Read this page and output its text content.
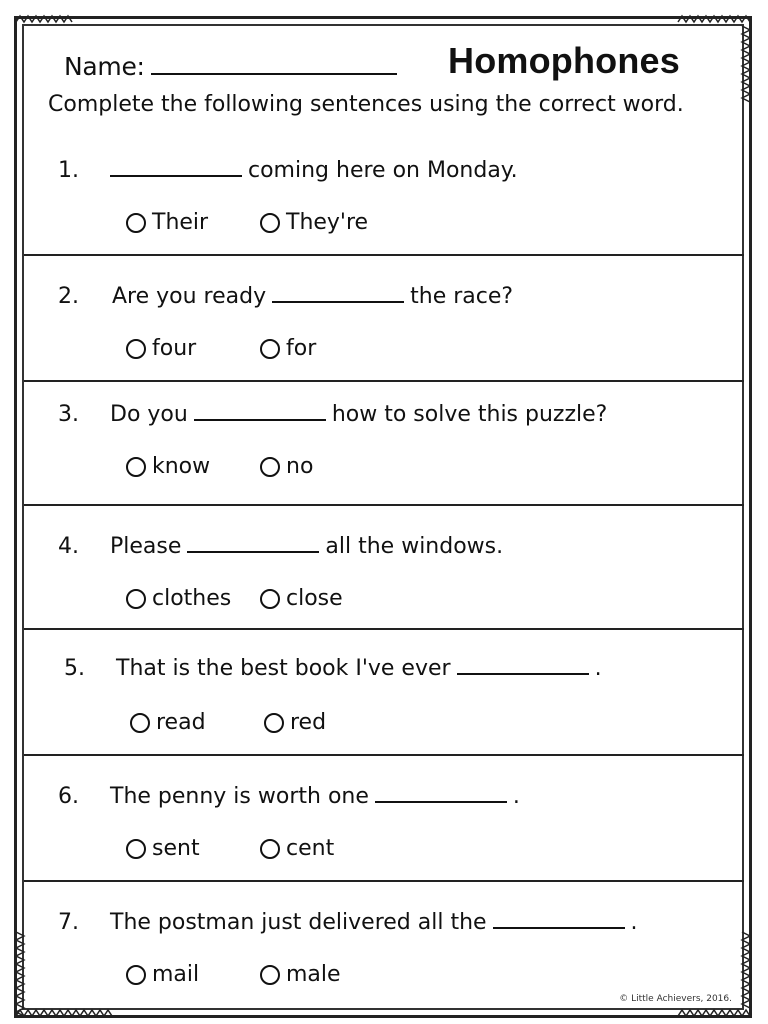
Name:	Homophones
Complete the following sentences using the correct word.
1.	coming here on Monday.
Their	They're
2. Are you ready	the race?
four	for
3. Do you	how to solve this puzzle?
know	no
4. Please	all the windows.
clothes close
5. That is the best book I've ever	.
read	red
6. The penny is worth one	.
sent	cent
7. The postman just delivered all the	.
mail	male
© Little Achievers, 2016.
